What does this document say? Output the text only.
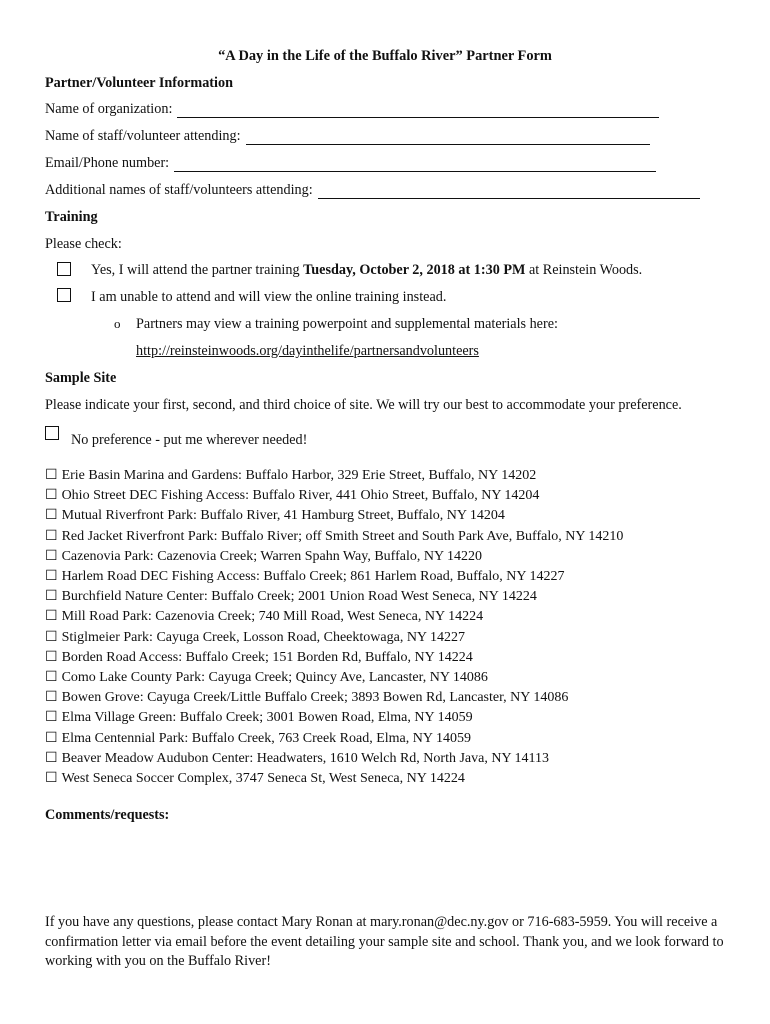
“A Day in the Life of the Buffalo River” Partner Form
Partner/Volunteer Information
Name of organization:
Name of staff/volunteer attending:
Email/Phone number:
Additional names of staff/volunteers attending:
Training
Please check:
Yes, I will attend the partner training Tuesday, October 2, 2018 at 1:30 PM at Reinstein Woods.
I am unable to attend and will view the online training instead.
o Partners may view a training powerpoint and supplemental materials here:
http://reinsteinwoods.org/dayinthelife/partnersandvolunteers
Sample Site
Please indicate your first, second, and third choice of site. We will try our best to accommodate your preference.
No preference - put me wherever needed!
☐ Erie Basin Marina and Gardens: Buffalo Harbor, 329 Erie Street, Buffalo, NY 14202
☐ Ohio Street DEC Fishing Access: Buffalo River, 441 Ohio Street, Buffalo, NY 14204
☐ Mutual Riverfront Park: Buffalo River, 41 Hamburg Street, Buffalo, NY 14204
☐ Red Jacket Riverfront Park: Buffalo River; off Smith Street and South Park Ave, Buffalo, NY 14210
☐ Cazenovia Park: Cazenovia Creek; Warren Spahn Way, Buffalo, NY 14220
☐ Harlem Road DEC Fishing Access: Buffalo Creek; 861 Harlem Road, Buffalo, NY 14227
☐ Burchfield Nature Center: Buffalo Creek; 2001 Union Road West Seneca, NY 14224
☐ Mill Road Park: Cazenovia Creek; 740 Mill Road, West Seneca, NY 14224
☐ Stiglmeier Park: Cayuga Creek, Losson Road, Cheektowaga, NY 14227
☐ Borden Road Access: Buffalo Creek; 151 Borden Rd, Buffalo, NY 14224
☐ Como Lake County Park: Cayuga Creek; Quincy Ave, Lancaster, NY 14086
☐ Bowen Grove: Cayuga Creek/Little Buffalo Creek; 3893 Bowen Rd, Lancaster, NY 14086
☐ Elma Village Green: Buffalo Creek; 3001 Bowen Road, Elma, NY 14059
☐ Elma Centennial Park: Buffalo Creek, 763 Creek Road, Elma, NY 14059
☐ Beaver Meadow Audubon Center: Headwaters, 1610 Welch Rd, North Java, NY 14113
☐ West Seneca Soccer Complex, 3747 Seneca St, West Seneca, NY 14224
Comments/requests:
If you have any questions, please contact Mary Ronan at mary.ronan@dec.ny.gov or 716-683-5959. You will receive a confirmation letter via email before the event detailing your sample site and school. Thank you, and we look forward to working with you on the Buffalo River!
